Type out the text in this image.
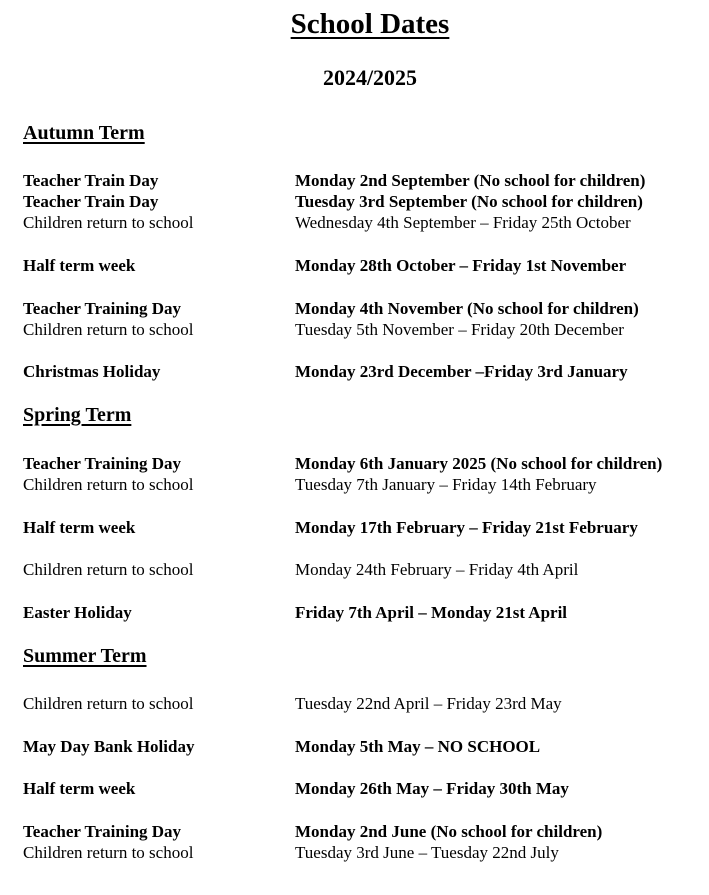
School Dates
2024/2025
Autumn Term
Teacher Train Day	Monday 2nd September (No school for children)
Teacher Train Day	Tuesday 3rd September (No school for children)
Children return to school	Wednesday 4th September – Friday 25th October
Half term week	Monday 28th October – Friday 1st November
Teacher Training Day	Monday 4th November (No school for children)
Children return to school	Tuesday 5th November – Friday 20th December
Christmas Holiday	Monday 23rd December –Friday 3rd January
Spring Term
Teacher Training Day	Monday 6th January 2025 (No school for children)
Children return to school	Tuesday 7th January – Friday 14th February
Half term week	Monday 17th February – Friday 21st February
Children return to school	Monday 24th February – Friday 4th April
Easter Holiday	Friday 7th April – Monday 21st April
Summer Term
Children return to school	Tuesday 22nd April – Friday 23rd May
May Day Bank Holiday	Monday 5th May – NO SCHOOL
Half term week	Monday 26th May – Friday 30th May
Teacher Training Day	Monday 2nd June (No school for children)
Children return to school	Tuesday 3rd June – Tuesday 22nd July
